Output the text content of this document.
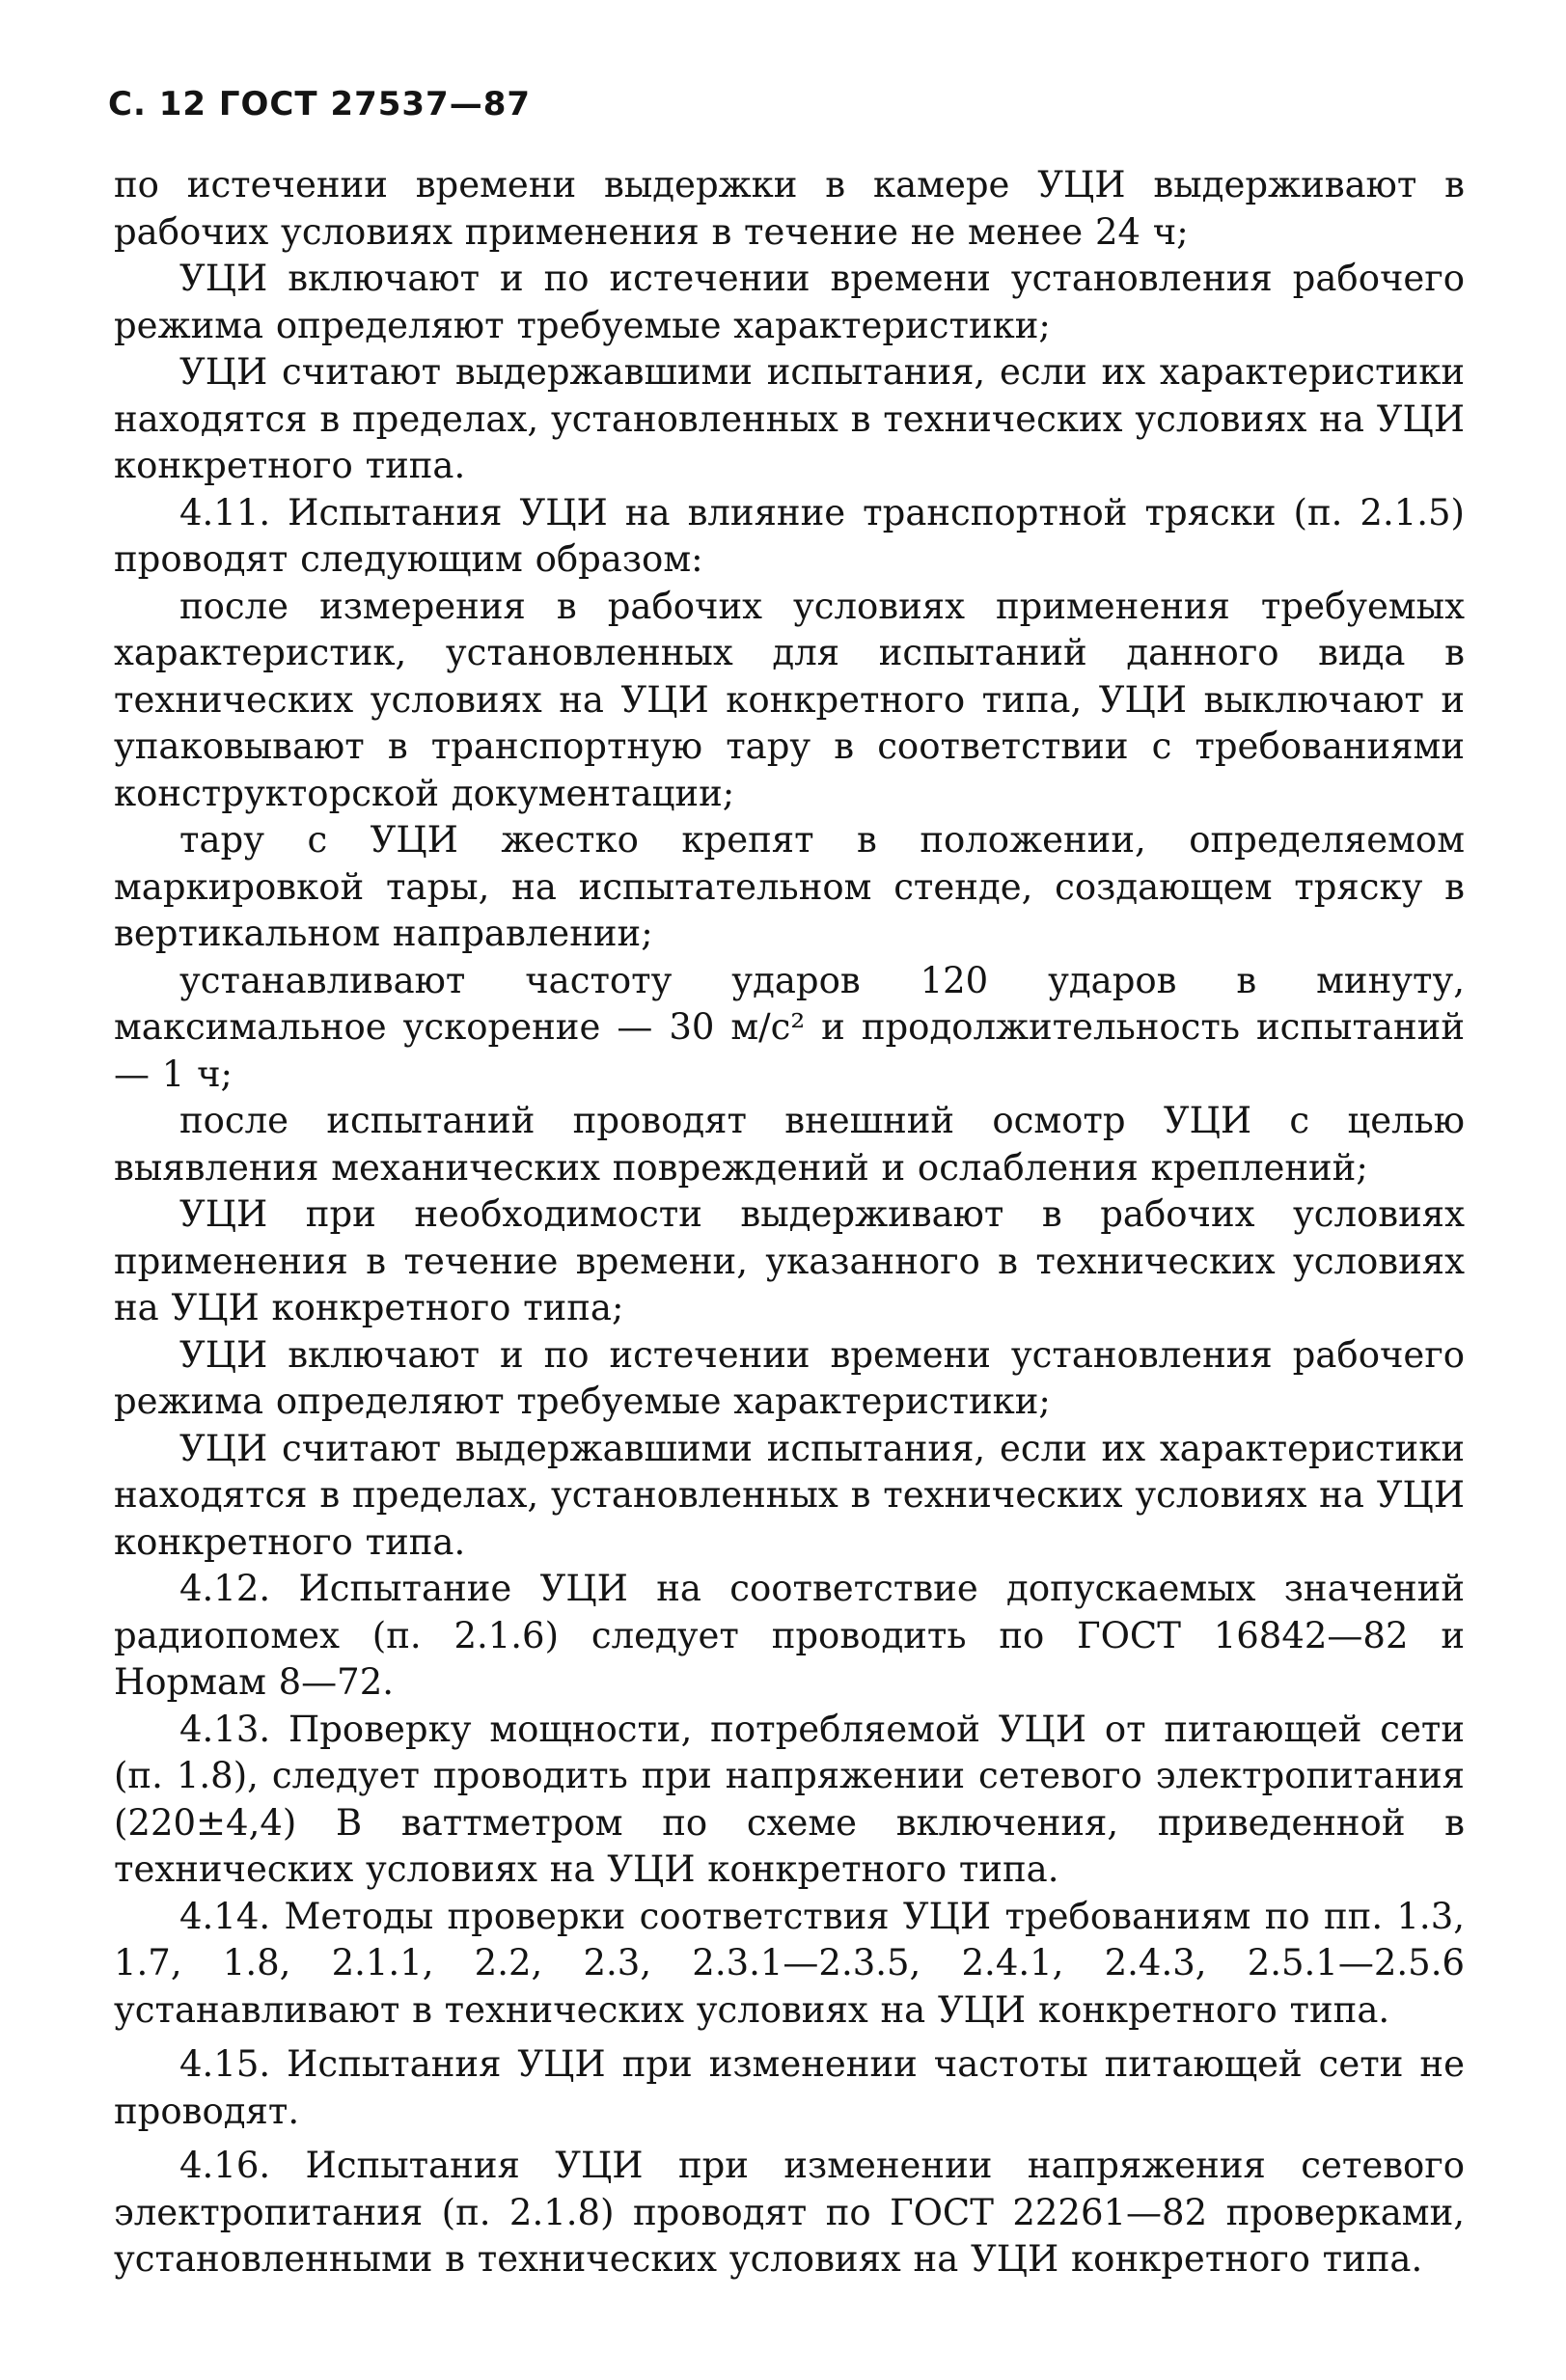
С. 12 ГОСТ 27537—87

по истечении времени выдержки в камере УЦИ выдерживают в рабочих условиях применения в течение не менее 24 ч;

УЦИ включают и по истечении времени установления рабочего режима определяют требуемые характеристики;

УЦИ считают выдержавшими испытания, если их характеристики находятся в пределах, установленных в технических условиях на УЦИ конкретного типа.

4.11. Испытания УЦИ на влияние транспортной тряски (п. 2.1.5) проводят следующим образом:

после измерения в рабочих условиях применения требуемых характеристик, установленных для испытаний данного вида в технических условиях на УЦИ конкретного типа, УЦИ выключают и упаковывают в транспортную тару в соответствии с требованиями конструкторской документации;

тару с УЦИ жестко крепят в положении, определяемом маркировкой тары, на испытательном стенде, создающем тряску в вертикальном направлении;

устанавливают частоту ударов 120 ударов в минуту, максимальное ускорение — 30 м/с² и продолжительность испытаний — 1 ч;

после испытаний проводят внешний осмотр УЦИ с целью выявления механических повреждений и ослабления креплений;

УЦИ при необходимости выдерживают в рабочих условиях применения в течение времени, указанного в технических условиях на УЦИ конкретного типа;

УЦИ включают и по истечении времени установления рабочего режима определяют требуемые характеристики;

УЦИ считают выдержавшими испытания, если их характеристики находятся в пределах, установленных в технических условиях на УЦИ конкретного типа.

4.12. Испытание УЦИ на соответствие допускаемых значений радиопомех (п. 2.1.6) следует проводить по ГОСТ 16842—82 и Нормам 8—72.

4.13. Проверку мощности, потребляемой УЦИ от питающей сети (п. 1.8), следует проводить при напряжении сетевого электропитания (220±4,4) В ваттметром по схеме включения, приведенной в технических условиях на УЦИ конкретного типа.

4.14. Методы проверки соответствия УЦИ требованиям по пп. 1.3, 1.7, 1.8, 2.1.1, 2.2, 2.3, 2.3.1—2.3.5, 2.4.1, 2.4.3, 2.5.1—2.5.6 устанавливают в технических условиях на УЦИ конкретного типа.

4.15. Испытания УЦИ при изменении частоты питающей сети не проводят.

4.16. Испытания УЦИ при изменении напряжения сетевого электропитания (п. 2.1.8) проводят по ГОСТ 22261—82 проверками, установленными в технических условиях на УЦИ конкретного типа.
